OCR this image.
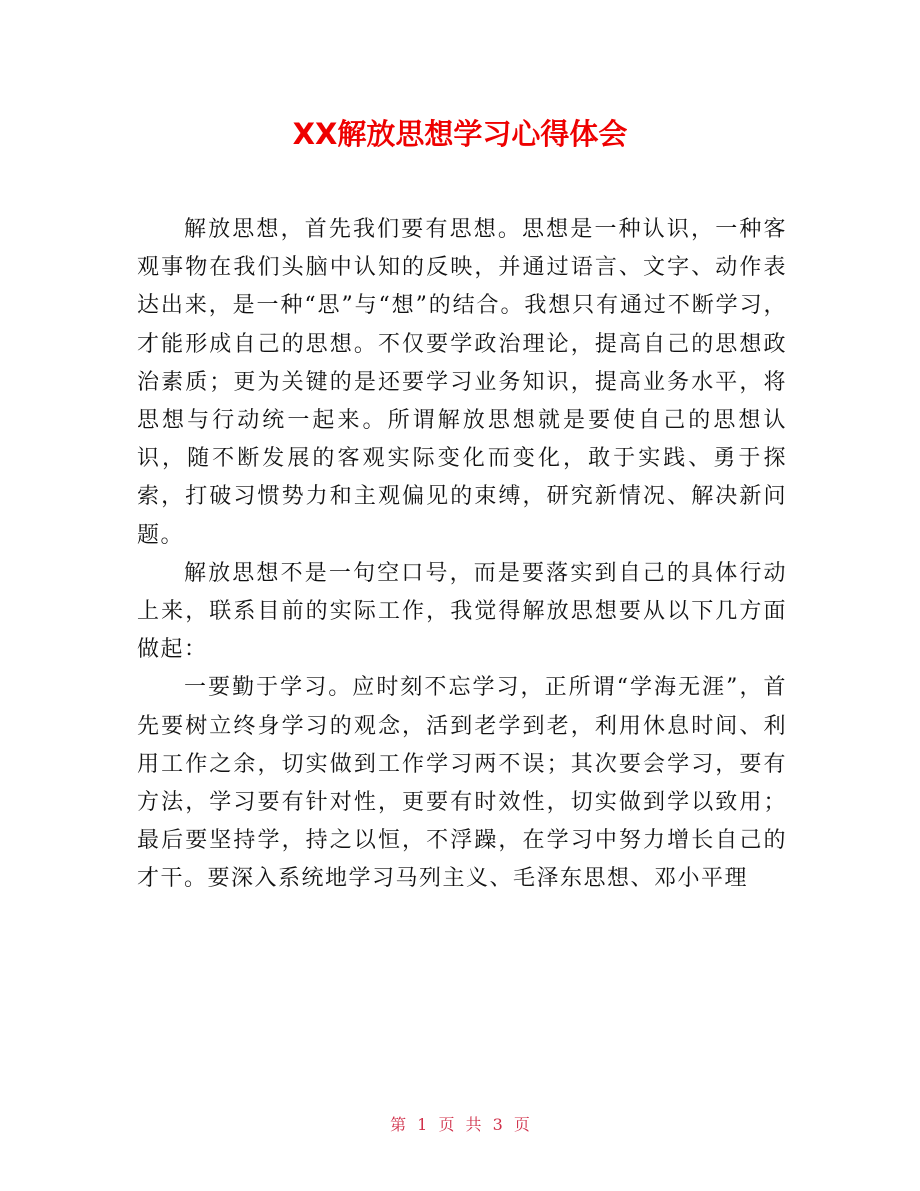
XX解放思想学习心得体会

解放思想，首先我们要有思想。思想是一种认识，一种客观事物在我们头脑中认知的反映，并通过语言、文字、动作表达出来，是一种“思”与“想”的结合。我想只有通过不断学习，才能形成自己的思想。不仅要学政治理论，提高自己的思想政治素质；更为关键的是还要学习业务知识，提高业务水平，将思想与行动统一起来。所谓解放思想就是要使自己的思想认识，随不断发展的客观实际变化而变化，敢于实践、勇于探索，打破习惯势力和主观偏见的束缚，研究新情况、解决新问题。

解放思想不是一句空口号，而是要落实到自己的具体行动上来，联系目前的实际工作，我觉得解放思想要从以下几方面做起：

一要勤于学习。应时刻不忘学习，正所谓“学海无涯”，首先要树立终身学习的观念，活到老学到老，利用休息时间、利用工作之余，切实做到工作学习两不误；其次要会学习，要有方法，学习要有针对性，更要有时效性，切实做到学以致用；最后要坚持学，持之以恒，不浮躁，在学习中努力增长自己的才干。要深入系统地学习马列主义、毛泽东思想、邓小平理

第 1 页 共 3 页
